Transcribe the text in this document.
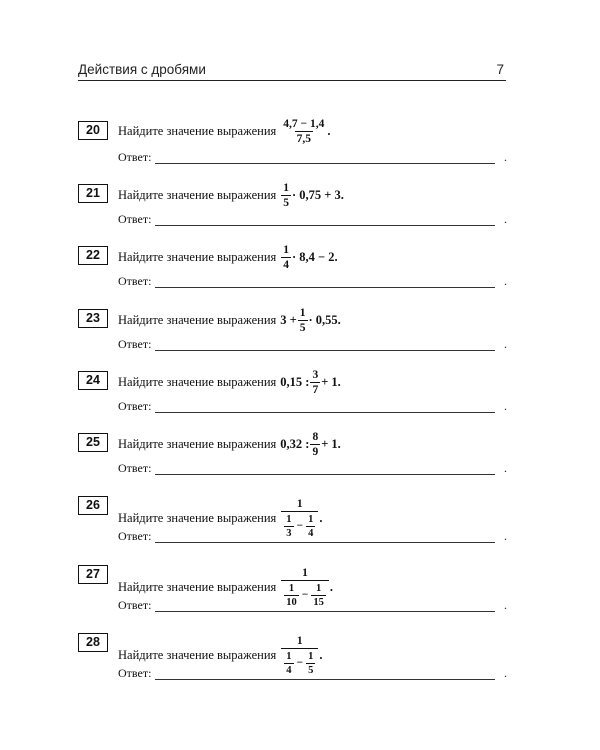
Действия с дробями	7
20	Найдите значение выражения $\frac{4,7 - 1,4}{7,5}$ .
Ответ:	.
21	Найдите значение выражения $\frac{1}{5} \cdot 0,75 + 3$.
Ответ:	.
22	Найдите значение выражения $\frac{1}{4} \cdot 8,4 - 2$.
Ответ:	.
23	Найдите значение выражения $3 + \frac{1}{5} \cdot 0,55$.
Ответ:	.
24	Найдите значение выражения 0,15 : $\frac{3}{7} + 1$.
Ответ:	.
25	Найдите значение выражения 0,32 : $\frac{8}{9} + 1$.
Ответ:	.
26
Найдите значение выражения
1
$\frac{1}{3} - \frac{1}{4}$ .
Ответ:	.
27
Найдите значение выражения
1
$\frac{1}{10} - \frac{1}{15}$ .
Ответ:	.
28
Найдите значение выражения
1
$\frac{1}{4} - \frac{1}{5}$ .
Ответ:	.
